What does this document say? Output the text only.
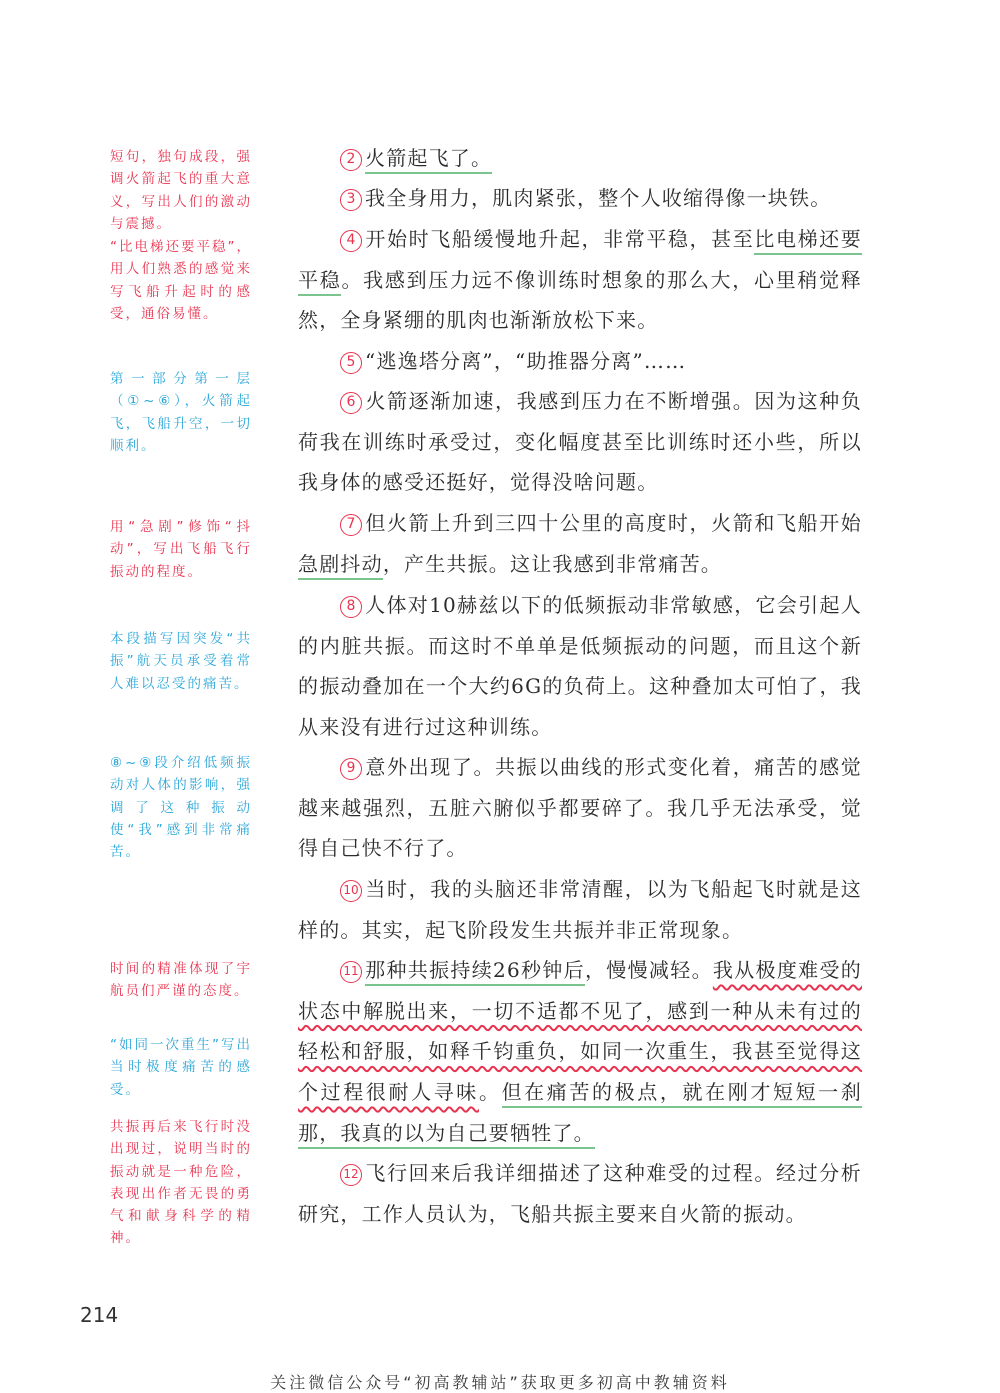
短句，独句成段，强调火箭起飞的重大意义，写出人们的激动与震撼。
“比电梯还要平稳”，用人们熟悉的感觉来写飞船升起时的感受，通俗易懂。
第一部分第一层（①~⑥），火箭起飞，飞船升空，一切顺利。
用“急剧”修饰“抖动”，写出飞船飞行振动的程度。
本段描写因突发“共振”航天员承受着常人难以忍受的痛苦。
⑧~⑨段介绍低频振动对人体的影响，强调了这种振动使“我”感到非常痛苦。
时间的精准体现了宇航员们严谨的态度。
“如同一次重生”写出当时极度痛苦的感受。
共振再后来飞行时没出现过，说明当时的振动就是一种危险，表现出作者无畏的勇气和献身科学的精神。

2 火箭起飞了。

3 我全身用力，肌肉紧张，整个人收缩得像一块铁。

4 开始时飞船缓慢地升起，非常平稳，甚至比电梯还要平稳。我感到压力远不像训练时想象的那么大，心里稍觉释然，全身紧绷的肌肉也渐渐放松下来。

5 “逃逸塔分离”，“助推器分离”……

6 火箭逐渐加速，我感到压力在不断增强。因为这种负荷我在训练时承受过，变化幅度甚至比训练时还小些，所以我身体的感受还挺好，觉得没啥问题。

7 但火箭上升到三四十公里的高度时，火箭和飞船开始急剧抖动，产生共振。这让我感到非常痛苦。

8 人体对10赫兹以下的低频振动非常敏感，它会引起人的内脏共振。而这时不单单是低频振动的问题，而且这个新的振动叠加在一个大约6G的负荷上。这种叠加太可怕了，我从来没有进行过这种训练。

9 意外出现了。共振以曲线的形式变化着，痛苦的感觉越来越强烈，五脏六腑似乎都要碎了。我几乎无法承受，觉得自己快不行了。

10 当时，我的头脑还非常清醒，以为飞船起飞时就是这样的。其实，起飞阶段发生共振并非正常现象。

11 那种共振持续26秒钟后，慢慢减轻。我从极度难受的状态中解脱出来，一切不适都不见了，感到一种从未有过的轻松和舒服，如释千钧重负，如同一次重生，我甚至觉得这个过程很耐人寻味。但在痛苦的极点，就在刚才短短一刹那，我真的以为自己要牺牲了。

12 飞行回来后我详细描述了这种难受的过程。经过分析研究，工作人员认为，飞船共振主要来自火箭的振动。

214
关注微信公众号“初高教辅站”获取更多初高中教辅资料
